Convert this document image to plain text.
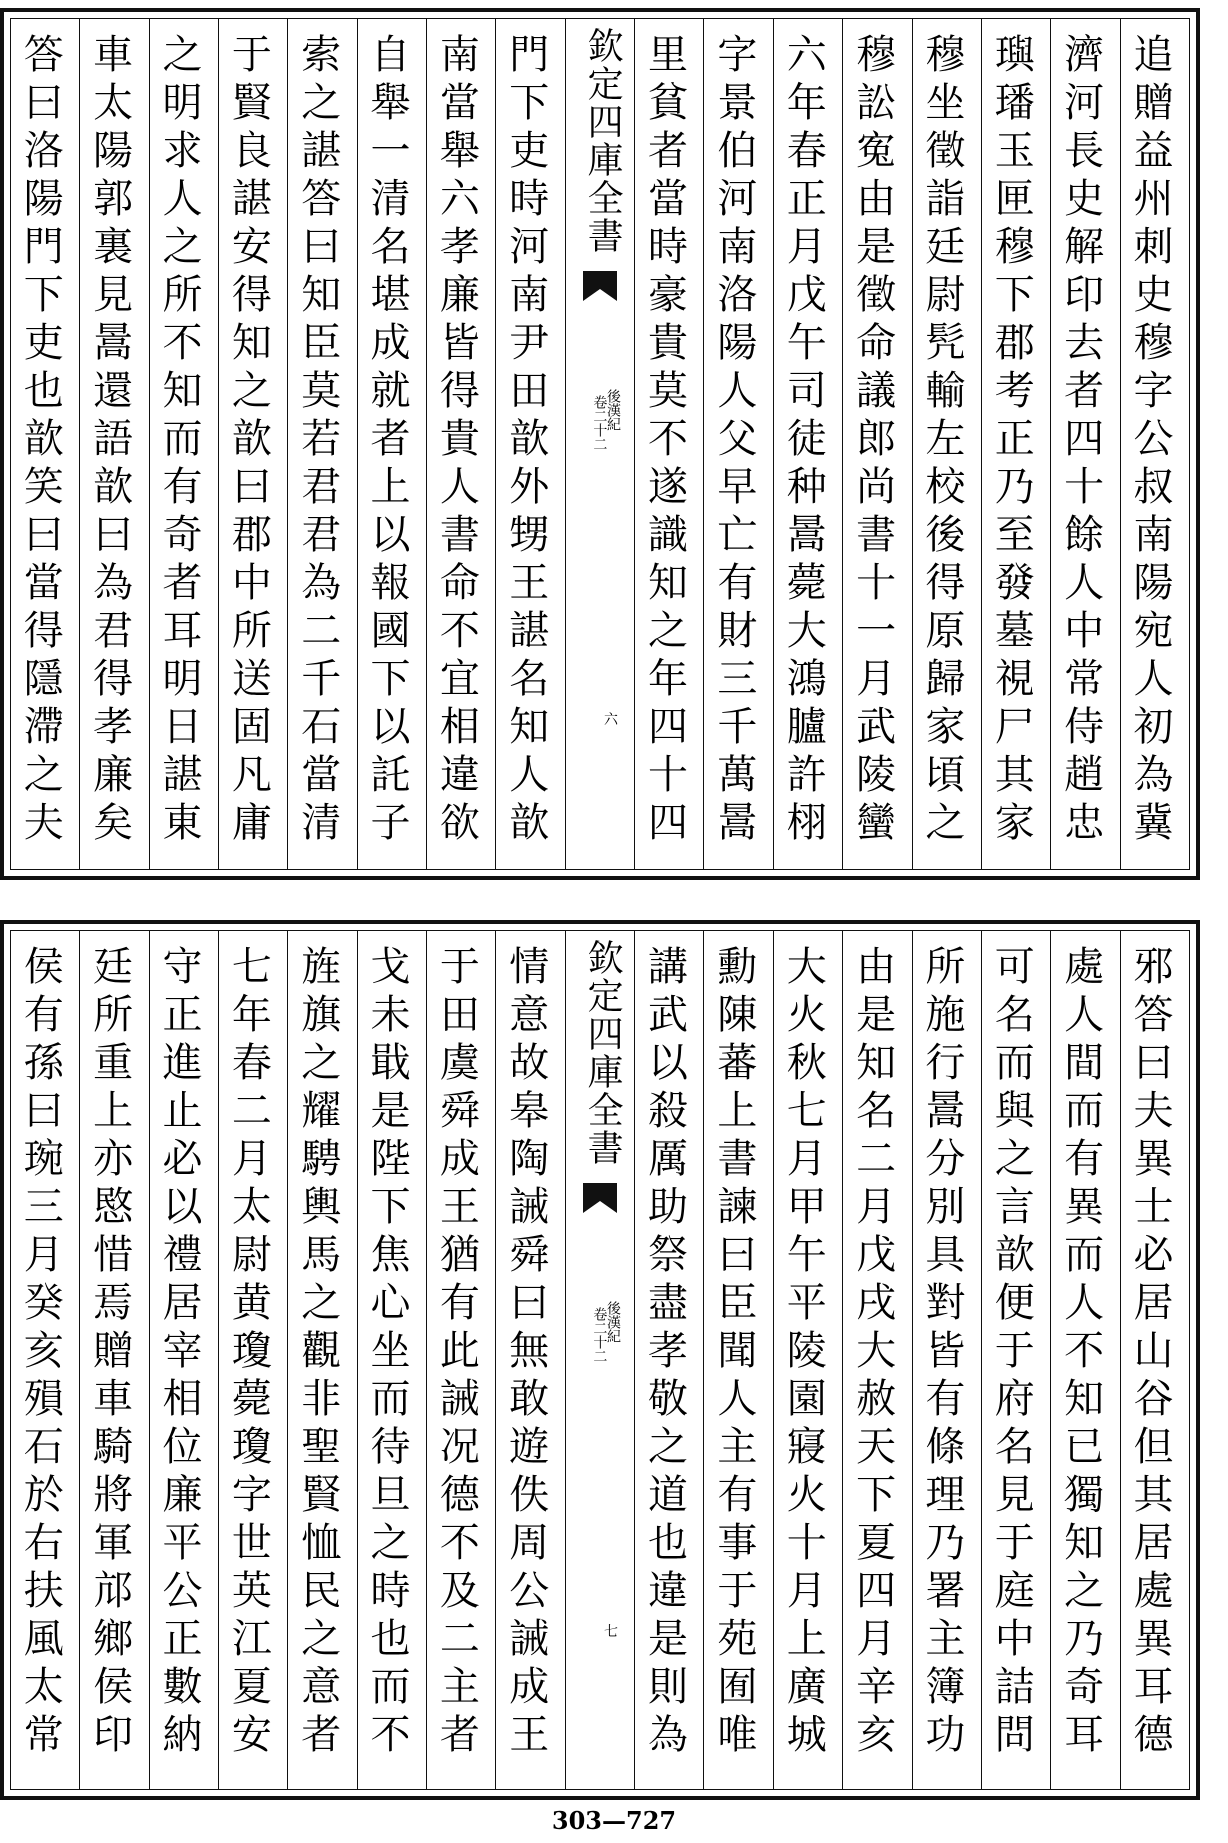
追贈益州刺史穆字公叔南陽宛人初為冀
濟河長史解印去者四十餘人中常侍趙忠
璵璠玉匣穆下郡考正乃至發墓視尸其家
穆坐徵詣廷尉髠輸左校後得原歸家頃之
穆訟寃由是徵命議郎尚書十一月武陵蠻
六年春正月戊午司徒种暠薨大鴻臚許栩
字景伯河南洛陽人父早亡有財三千萬暠
里貧者當時豪貴莫不遂識知之年四十四
欽定四庫全書
後漢紀
卷二十二
六
門下吏時河南尹田歆外甥王諶名知人歆
南當舉六孝廉皆得貴人書命不宜相違欲
自舉一清名堪成就者上以報國下以託子
索之諶答曰知臣莫若君君為二千石當清
于賢良諶安得知之歆曰郡中所送固凡庸
之明求人之所不知而有奇者耳明日諶東
車太陽郭裏見暠還語歆曰為君得孝廉矣
答曰洛陽門下吏也歆笑曰當得隱滯之夫
邪答曰夫異士必居山谷但其居處異耳德
處人間而有異而人不知已獨知之乃奇耳
可名而與之言歆便于府名見于庭中詰問
所施行暠分別具對皆有條理乃署主簿功
由是知名二月戊戌大赦天下夏四月辛亥
大火秋七月甲午平陵園寢火十月上廣城
勳陳蕃上書諫曰臣聞人主有事于苑囿唯
講武以殺厲助祭盡孝敬之道也違是則為
欽定四庫全書
後漢紀
卷二十二
七
情意故皋陶誡舜曰無敢遊佚周公誡成王
于田虞舜成王猶有此誡况德不及二主者
戈未戢是陛下焦心坐而待旦之時也而不
旌旗之耀騁輿馬之觀非聖賢恤民之意者
七年春二月太尉黄瓊薨瓊字世英江夏安
守正進止必以禮居宰相位廉平公正數納
廷所重上亦愍惜焉贈車騎將軍邟鄉侯印
侯有孫曰琬三月癸亥殞石於右扶風太常
303—727
